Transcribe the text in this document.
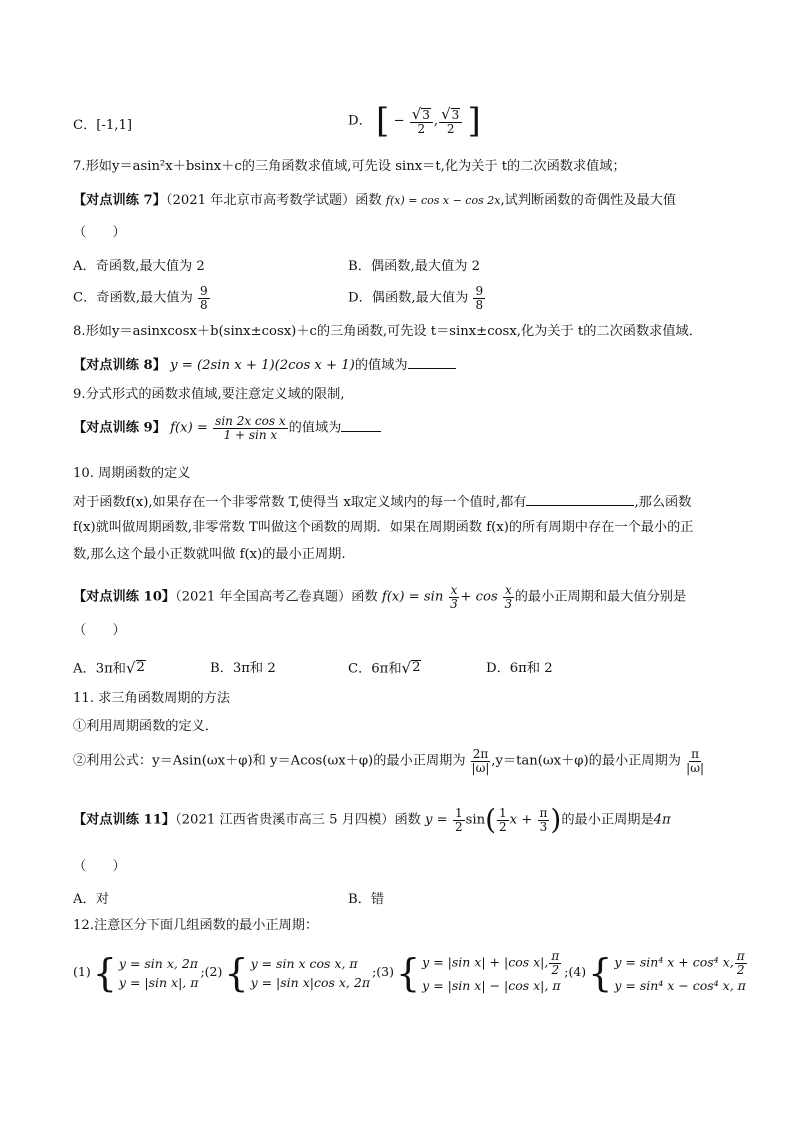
C．[-1,1]	D． [ − $\frac{√ 3}{2}$ , $\frac{√ 3}{2}$ ]
7.形如y＝asin²x＋bsinx＋c的三角函数求值域,可先设 sinx＝t,化为关于 t的二次函数求值域；
【对点训练 7】（2021 年北京市高考数学试题）函数 f(x) = cos x − cos 2x,试判断函数的奇偶性及最大值
（　　）
A．奇函数,最大值为 2	B．偶函数,最大值为 2
C．奇函数,最大值为 $\frac{9}{8}$	D．偶函数,最大值为 $\frac{9}{8}$
8.形如y＝asinxcosx＋b(sinx±cosx)＋c的三角函数,可先设 t＝sinx±cosx,化为关于 t的二次函数求值域．
【对点训练 8】 y = (2sin x + 1)(2cos x + 1)的值域为
9.分式形式的函数求值域,要注意定义域的限制,
【对点训练 9】 $f(x) = \frac{\text{sin 2x cos x}}{\text{1 + sin x}}$ 的值域为
10. 周期函数的定义
对于函数f(x),如果存在一个非零常数 T,使得当 x取定义域内的每一个值时,都有	,那么函数
f(x)就叫做周期函数,非零常数 T叫做这个函数的周期．如果在周期函数 f(x)的所有周期中存在一个最小的正
数,那么这个最小正数就叫做 f(x)的最小正周期.
【对点训练 10】（2021 年全国高考乙卷真题）函数 $f(x) = \sin \frac{x}{3} + \cos \frac{x}{3}$ 的最小正周期和最大值分别是
（　　）
A．3π和 √ 2	B．3π和 2	C．6π和 √ 2	D．6π和 2
11. 求三角函数周期的方法
①利用周期函数的定义．
②利用公式：y＝Asin(ωx＋φ)和 y＝Acos(ωx＋φ)的最小正周期为 $\frac{2\pi}{|\omega|} ,y=\tan(\omega x+\varphi)$的最小正周期为 $\frac{\pi}{|\omega|}$
【对点训练 11】（2021 江西省贵溪市高三 5 月四模）函数 $y = \frac{1}{2} \sin( \frac{1}{2}$ $x + \frac{\pi}{3}$ )的最小正周期是4π
（　　）
A．对	B．错
12.注意区分下面几组函数的最小正周期：
(1) { y = sin x, 2π
y = |sin x|, π
;(2) { y = sin x cos x, π
y = |sin x|cos x, 2π
;(3) { y = |sin x| + |cos x|, $\frac{\pi}{2}$
y = |sin x| − |cos x|, π
;(4) { y = sin⁴ x + cos⁴ x, $\frac{\pi}{2}$
y = sin⁴ x − cos⁴ x, π
